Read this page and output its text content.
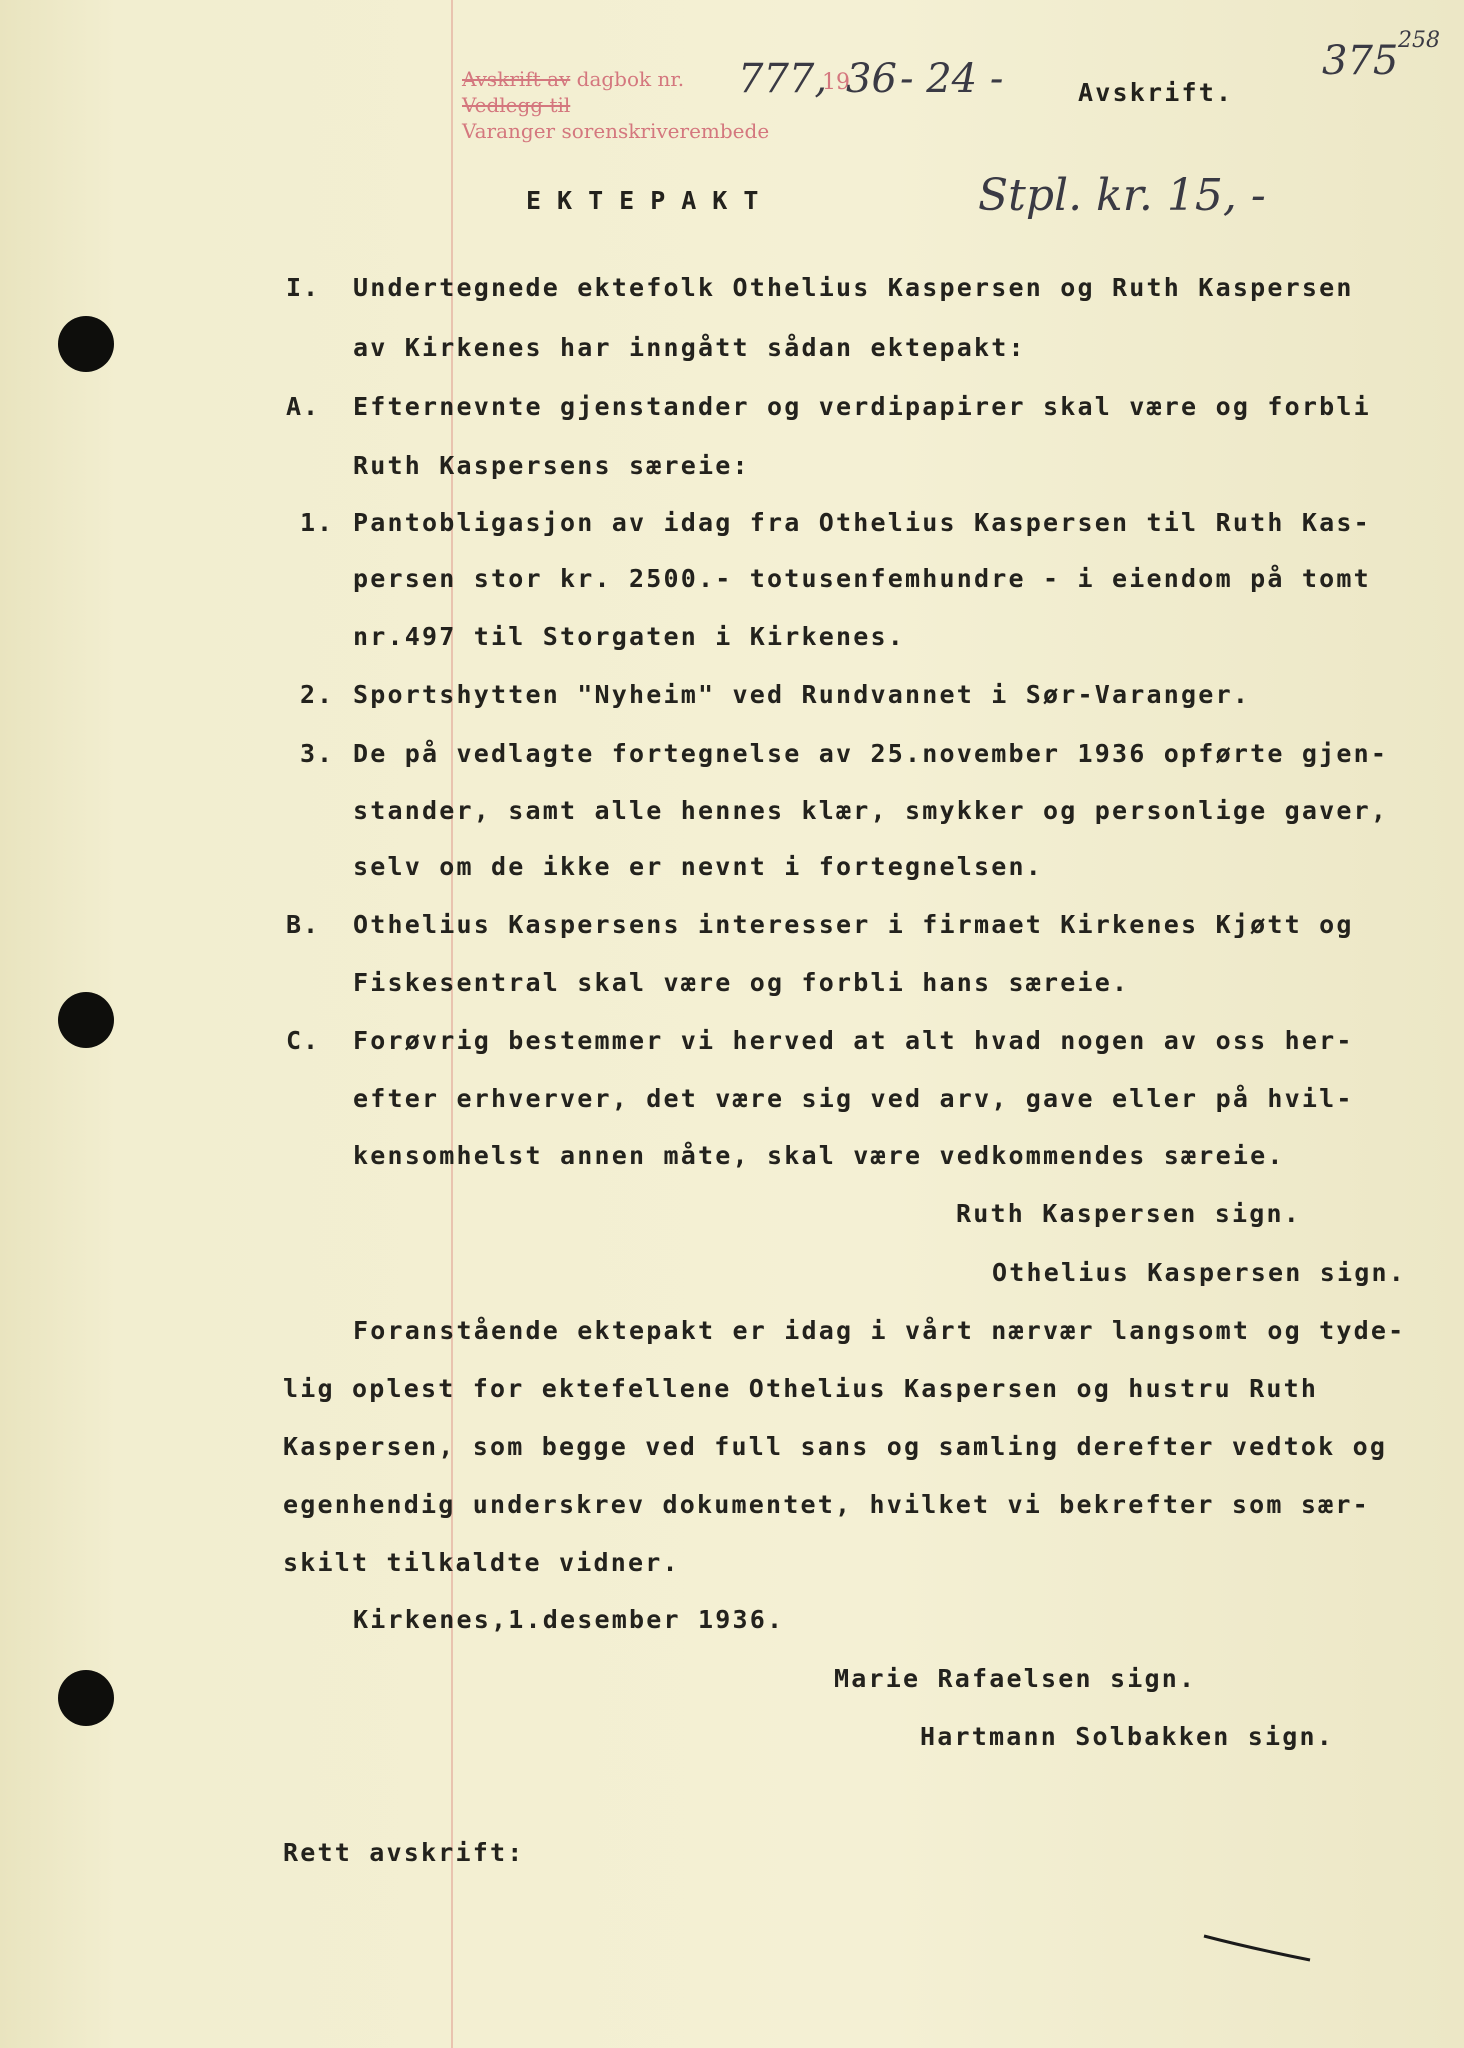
Avskrift av dagbok nr.
Vedlegg til
Varanger sorenskriverembede
777,
19
36 - 24 -
Stpl. kr. 15, -
375 258
Avskrift.
EKTEPAKT
I. Undertegnede ektefolk Othelius Kaspersen og Ruth Kaspersen
av Kirkenes har inngått sådan ektepakt:
A. Efternevnte gjenstander og verdipapirer skal være og forbli
Ruth Kaspersens særeie:
1. Pantobligasjon av idag fra Othelius Kaspersen til Ruth Kas-
persen stor kr. 2500.- totusenfemhundre - i eiendom på tomt
nr.497 til Storgaten i Kirkenes.
2. Sportshytten "Nyheim" ved Rundvannet i Sør-Varanger.
3. De på vedlagte fortegnelse av 25.november 1936 opførte gjen-
stander, samt alle hennes klær, smykker og personlige gaver,
selv om de ikke er nevnt i fortegnelsen.
B. Othelius Kaspersens interesser i firmaet Kirkenes Kjøtt og
Fiskesentral skal være og forbli hans særeie.
C. Forøvrig bestemmer vi herved at alt hvad nogen av oss her-
efter erhverver, det være sig ved arv, gave eller på hvil-
kensomhelst annen måte, skal være vedkommendes særeie.
Ruth Kaspersen sign.
Othelius Kaspersen sign.
Foranstående ektepakt er idag i vårt nærvær langsomt og tyde-
lig oplest for ektefellene Othelius Kaspersen og hustru Ruth
Kaspersen, som begge ved full sans og samling derefter vedtok og
egenhendig underskrev dokumentet, hvilket vi bekrefter som sær-
skilt tilkaldte vidner.
Kirkenes,1.desember 1936.
Marie Rafaelsen sign.
Hartmann Solbakken sign.
Rett avskrift:
